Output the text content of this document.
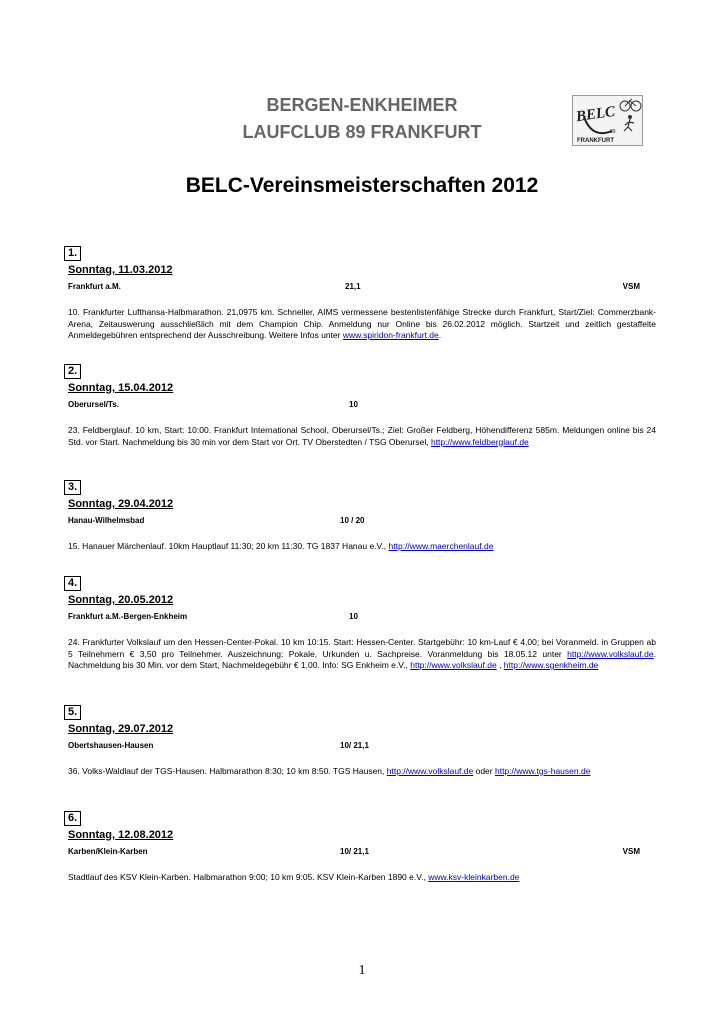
BERGEN-ENKHEIMER
LAUFCLUB 89 FRANKFURT
BELC
89
FRANKFURT
BELC-Vereinsmeisterschaften 2012
1.
Sonntag, 11.03.2012
Frankfurt a.M.	21,1	VSM
10. Frankfurter Lufthansa-Halbmarathon. 21,0975 km. Schneller, AIMS vermessene bestenlistenfähige Strecke durch Frankfurt, Start/Ziel: Commerzbank-Arena, Zeitauswerung ausschließlich mit dem Champion Chip. Anmeldung nur Online bis 26.02.2012 möglich. Startzeit und zeitlich gestaffelte Anmeldegebühren entsprechend der Ausschreibung. Weitere Infos unter www.spiridon-frankfurt.de.
2.
Sonntag, 15.04.2012
Oberursel/Ts.	10
23. Feldberglauf. 10 km, Start: 10:00. Frankfurt International School, Oberursel/Ts.; Ziel: Großer Feldberg, Höhendifferenz 585m. Meldungen online bis 24 Std. vor Start. Nachmeldung bis 30 min vor dem Start vor Ort. TV Oberstedten / TSG Oberursel, http://www.feldberglauf.de
3.
Sonntag, 29.04.2012
Hanau-Wilhelmsbad	10 / 20
15. Hanauer Märchenlauf. 10km Hauptlauf 11:30; 20 km 11:30. TG 1837 Hanau e.V., http://www.maerchenlauf.de
4.
Sonntag, 20.05.2012
Frankfurt a.M.-Bergen-Enkheim	10
24. Frankfurter Volkslauf um den Hessen-Center-Pokal. 10 km 10:15. Start: Hessen-Center. Startgebühr: 10 km-Lauf € 4,00; bei Voranmeld. in Gruppen ab 5 Teilnehmern € 3,50 pro Teilnehmer. Auszeichnung: Pokale, Urkunden u. Sachpreise. Voranmeldung bis 18.05.12 unter http://www.volkslauf.de. Nachmeldung bis 30 Min. vor dem Start, Nachmeldegebühr € 1,00. Info: SG Enkheim e.V., http://www.volkslauf.de , http://www.sgenkheim.de
5.
Sonntag, 29.07.2012
Obertshausen-Hausen	10/ 21,1
36. Volks-Waldlauf der TGS-Hausen. Halbmarathon 8:30; 10 km 8:50. TGS Hausen, http://www.volkslauf.de oder http://www.tgs-hausen.de
6.
Sonntag, 12.08.2012
Karben/Klein-Karben	10/ 21,1	VSM
Stadtlauf des KSV Klein-Karben. Halbmarathon 9:00; 10 km 9:05. KSV Klein-Karben 1890 e.V., www.ksv-kleinkarben.de
1
